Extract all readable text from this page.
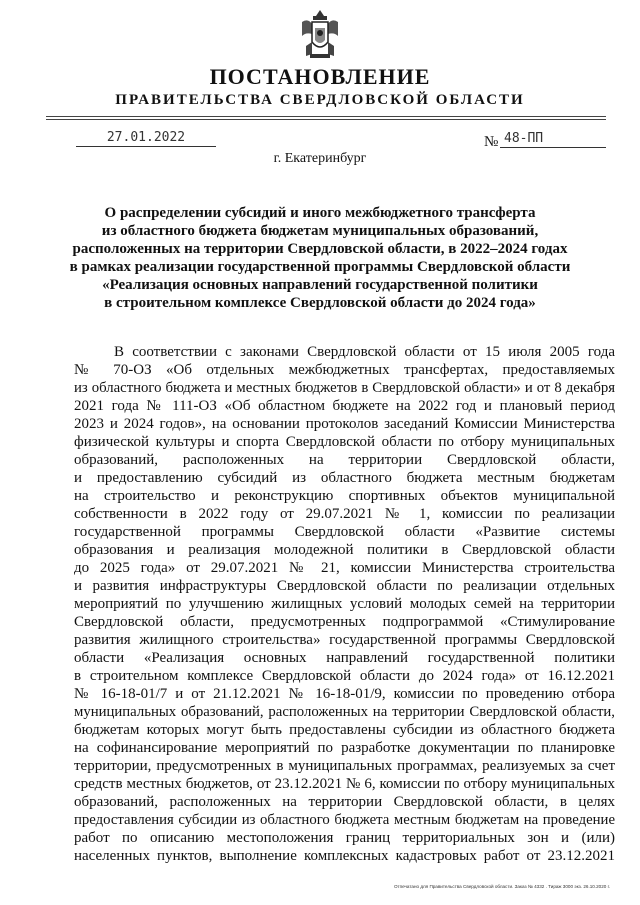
ПОСТАНОВЛЕНИЕ
ПРАВИТЕЛЬСТВА СВЕРДЛОВСКОЙ ОБЛАСТИ
27.01.2022	№ 48-ПП
г. Екатеринбург
О распределении субсидий и иного межбюджетного трансферта
из областного бюджета бюджетам муниципальных образований,
расположенных на территории Свердловской области, в 2022–2024 годах
в рамках реализации государственной программы Свердловской области
«Реализация основных направлений государственной политики
в строительном комплексе Свердловской области до 2024 года»
В соответствии с законами Свердловской области от 15 июля 2005 года
№ 70-ОЗ «Об отдельных межбюджетных трансфертах, предоставляемых
из областного бюджета и местных бюджетов в Свердловской области» и от 8 декабря
2021 года № 111-ОЗ «Об областном бюджете на 2022 год и плановый период
2023 и 2024 годов», на основании протоколов заседаний Комиссии Министерства
физической культуры и спорта Свердловской области по отбору муниципальных
образований, расположенных на территории Свердловской области,
и предоставлению субсидий из областного бюджета местным бюджетам
на строительство и реконструкцию спортивных объектов муниципальной
собственности в 2022 году от 29.07.2021 № 1, комиссии по реализации
государственной программы Свердловской области «Развитие системы
образования и реализация молодежной политики в Свердловской области
до 2025 года» от 29.07.2021 № 21, комиссии Министерства строительства
и развития инфраструктуры Свердловской области по реализации отдельных
мероприятий по улучшению жилищных условий молодых семей на территории
Свердловской области, предусмотренных подпрограммой «Стимулирование
развития жилищного строительства» государственной программы Свердловской
области «Реализация основных направлений государственной политики
в строительном комплексе Свердловской области до 2024 года» от 16.12.2021
№ 16-18-01/7 и от 21.12.2021 № 16-18-01/9, комиссии по проведению отбора
муниципальных образований, расположенных на территории Свердловской области,
бюджетам которых могут быть предоставлены субсидии из областного бюджета
на софинансирование мероприятий по разработке документации по планировке
территории, предусмотренных в муниципальных программах, реализуемых за счет
средств местных бюджетов, от 23.12.2021 № 6, комиссии по отбору муниципальных
образований, расположенных на территории Свердловской области, в целях
предоставления субсидии из областного бюджета местным бюджетам на проведение
работ по описанию местоположения границ территориальных зон и (или)
населенных пунктов, выполнение комплексных кадастровых работ от 23.12.2021
Отпечатано для Правительства Свердловской области. Заказ № 4332 . Тираж 3000 экз. 26.10.2020 г.
